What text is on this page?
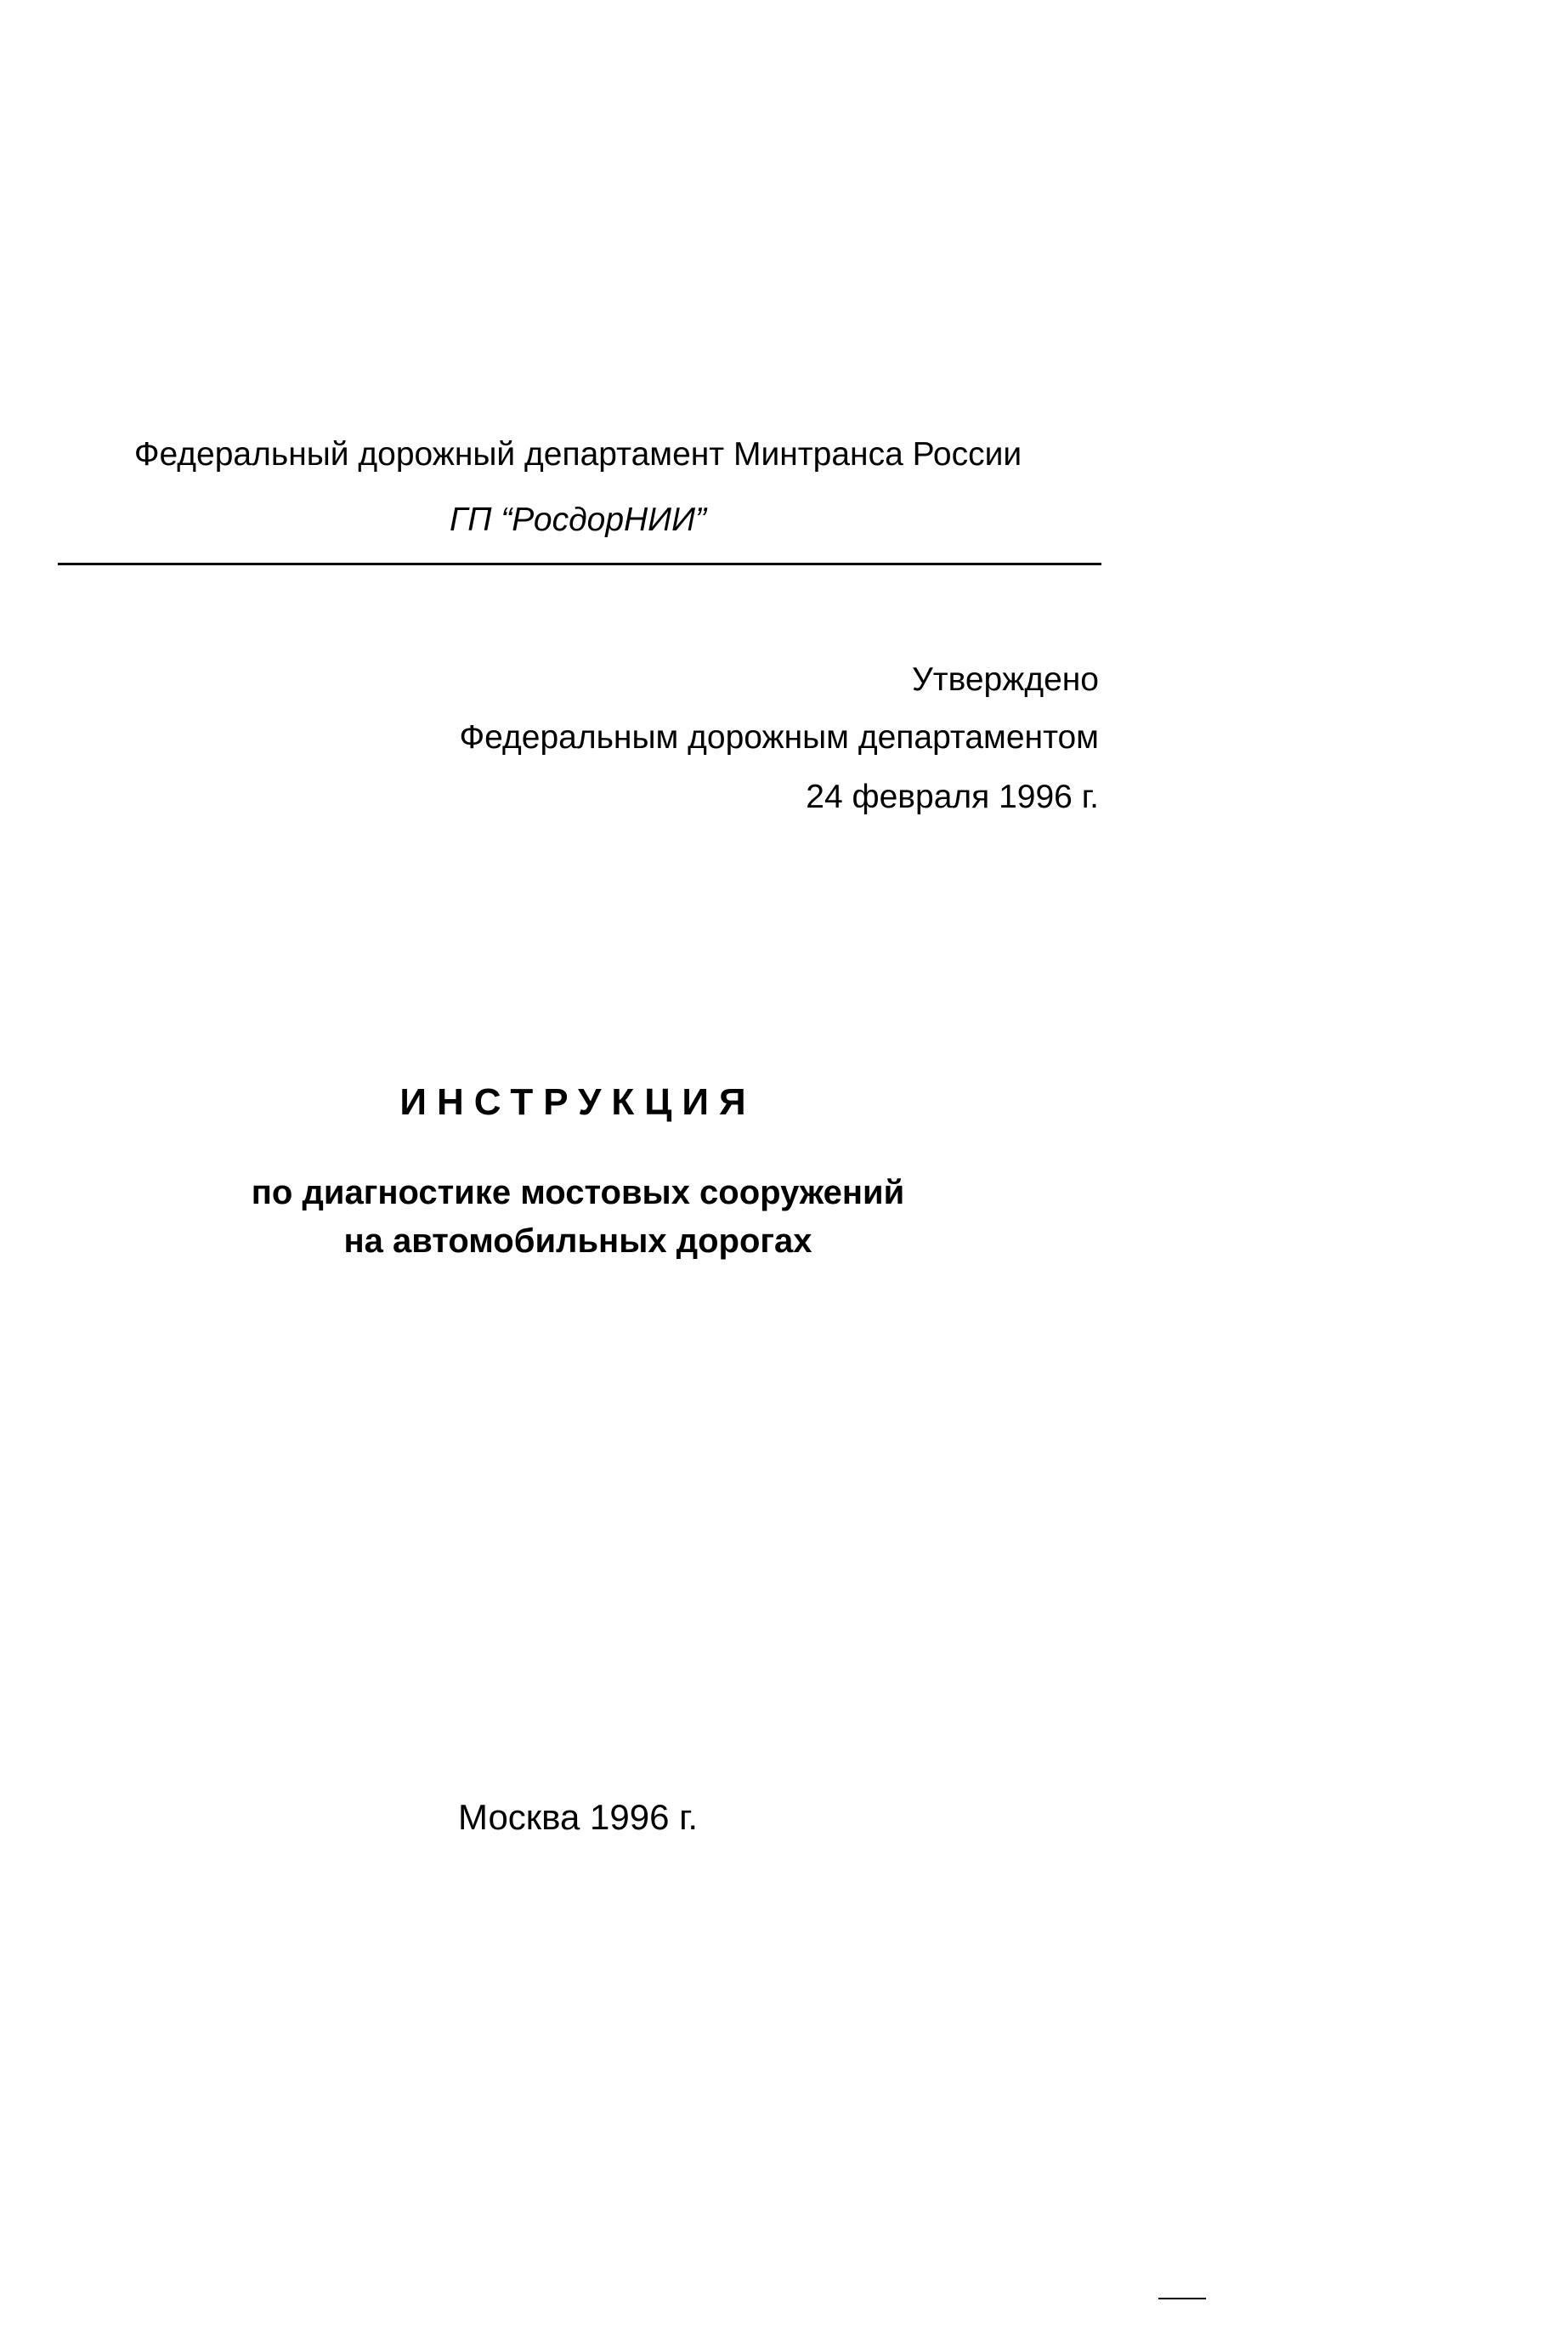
Федеральный дорожный департамент Минтранса России
ГП “РосдорНИИ”
Утверждено
Федеральным дорожным департаментом
24 февраля 1996 г.
ИНСТРУКЦИЯ
по диагностике мостовых сооружений
на автомобильных дорогах
Москва 1996 г.
